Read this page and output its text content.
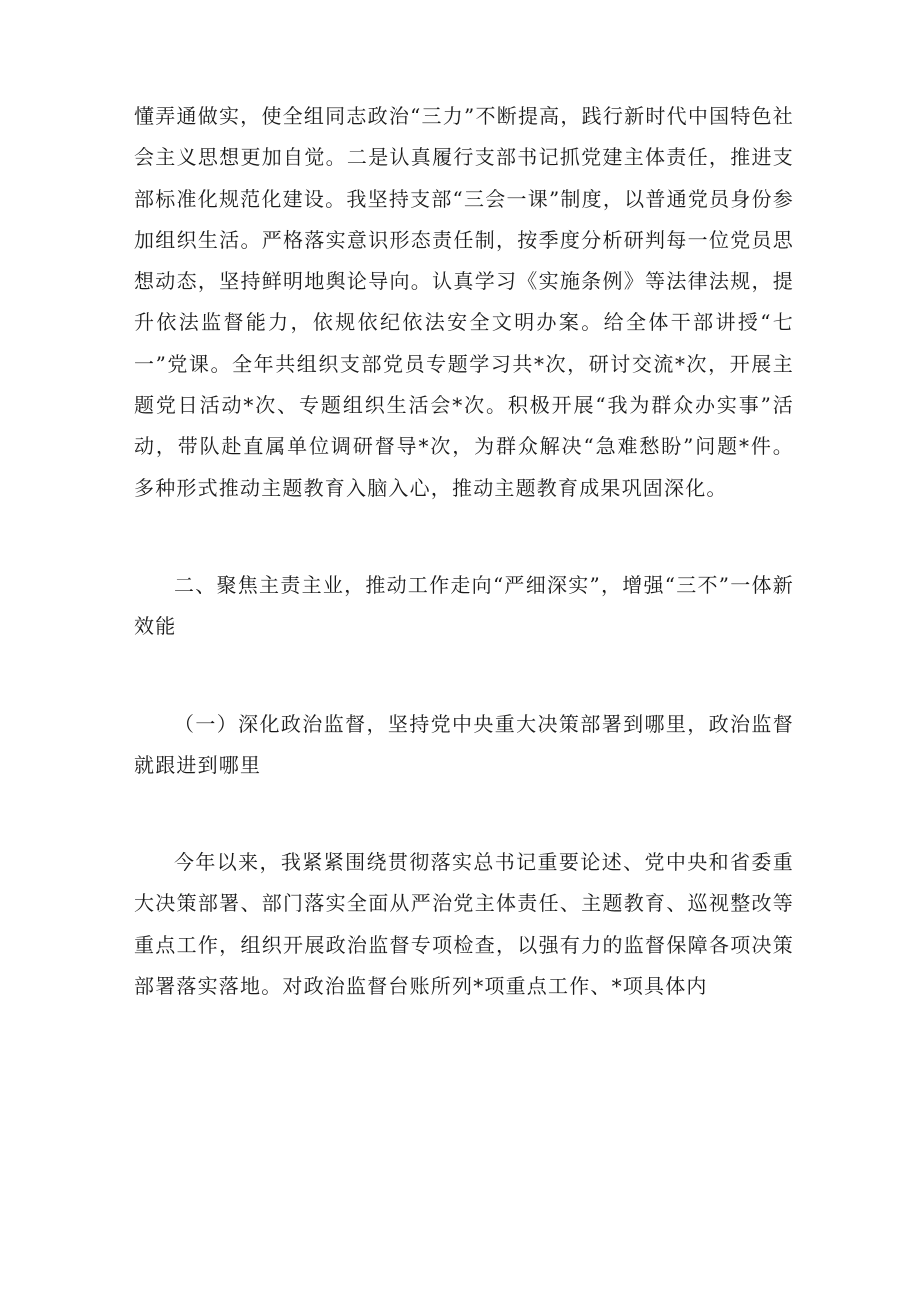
懂弄通做实，使全组同志政治“三力”不断提高，践行新时代中国特色社会主义思想更加自觉。二是认真履行支部书记抓党建主体责任，推进支部标准化规范化建设。我坚持支部“三会一课”制度，以普通党员身份参加组织生活。严格落实意识形态责任制，按季度分析研判每一位党员思想动态，坚持鲜明地舆论导向。认真学习《实施条例》等法律法规，提升依法监督能力，依规依纪依法安全文明办案。给全体干部讲授“七一”党课。全年共组织支部党员专题学习共*次，研讨交流*次，开展主题党日活动*次、专题组织生活会*次。积极开展“我为群众办实事”活动，带队赴直属单位调研督导*次，为群众解决“急难愁盼”问题*件。多种形式推动主题教育入脑入心，推动主题教育成果巩固深化。

二、聚焦主责主业，推动工作走向“严细深实”，增强“三不”一体新效能

（一）深化政治监督，坚持党中央重大决策部署到哪里，政治监督就跟进到哪里

今年以来，我紧紧围绕贯彻落实总书记重要论述、党中央和省委重大决策部署、部门落实全面从严治党主体责任、主题教育、巡视整改等重点工作，组织开展政治监督专项检查，以强有力的监督保障各项决策部署落实落地。对政治监督台账所列*项重点工作、*项具体内
